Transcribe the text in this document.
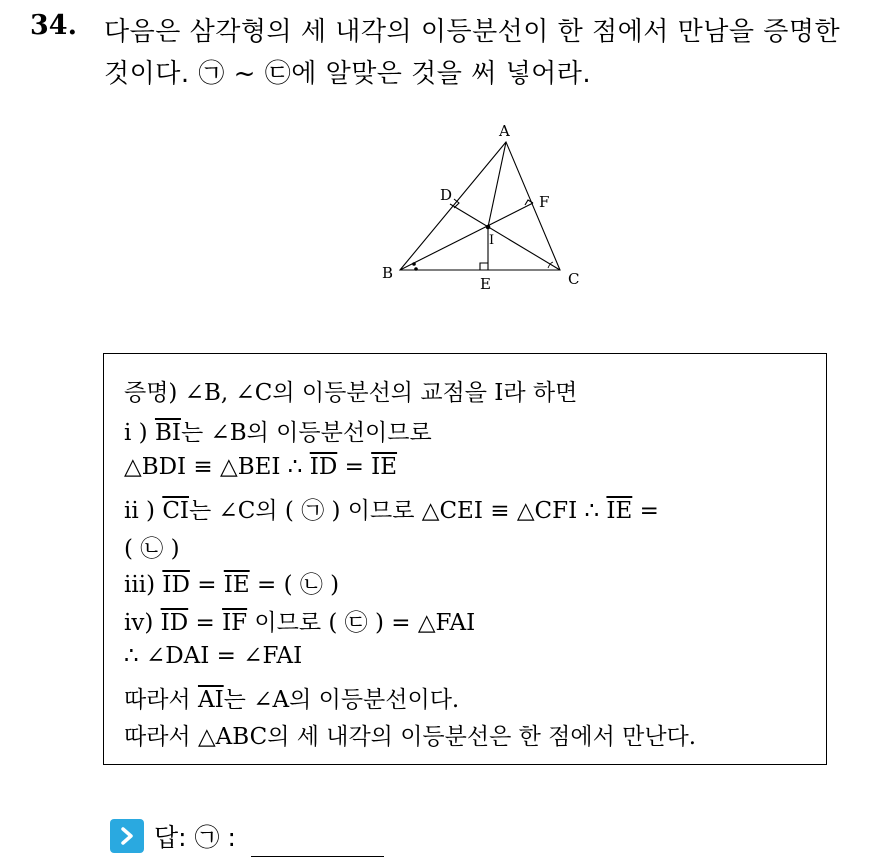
34. 다음은 삼각형의 세 내각의 이등분선이 한 점에서 만남을 증명한
것이다. ㉠ ~ ㉢에 알맞은 것을 써 넣어라.
A
B	C
D
E
F
I
증명) ∠B, ∠C의 이등분선의 교점을 I라 하면
i ) $\overline{BI}$는 ∠B의 이등분선이므로
△BDI ≡ △BEI ∴ $\overline{ID} = \overline{IE}$
ii ) $\overline{CI}$는 ∠C의 ( ㉠ ) 이므로 △CEI ≡ △CFI ∴ $\overline{IE}$ =
( ㉡ )
iii) $\overline{ID} = \overline{IE}$ = ( ㉡ )
iv) $\overline{ID} = \overline{IF}$ 이므로 ( ㉢ ) = △FAI
∴ ∠DAI = ∠FAI
따라서 $\overline{AI}$는 ∠A의 이등분선이다.
따라서 △ABC의 세 내각의 이등분선은 한 점에서 만난다.
답: ㉠ :
